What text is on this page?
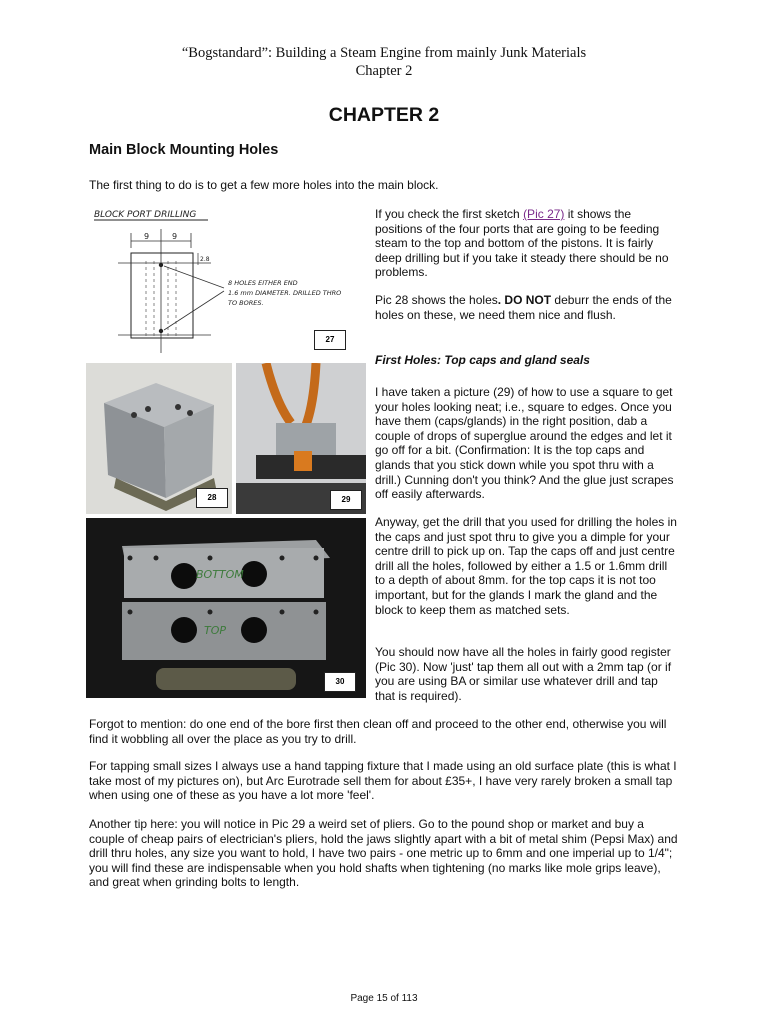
“Bogstandard”: Building a Steam Engine from mainly Junk Materials
Chapter 2
CHAPTER 2
Main Block Mounting Holes

The first thing to do is to get a few more holes into the main block.

BLOCK PORT DRILLING
9	9
2.8
8 HOLES EITHER END
1.6 mm DIAMETER. DRILLED THRO
TO BORES.
27
28	29
BOTTOM
TOP
30

If you check the first sketch (Pic 27) it shows the positions of the four ports that are going to be feeding steam to the top and bottom of the pistons. It is fairly deep drilling but if you take it steady there should be no problems.

Pic 28 shows the holes. DO NOT deburr the ends of the holes on these, we need them nice and flush.

First Holes: Top caps and gland seals

I have taken a picture (29) of how to use a square to get your holes looking neat; i.e., square to edges. Once you have them (caps/glands) in the right position, dab a couple of drops of superglue around the edges and let it go off for a bit. (Confirmation: It is the top caps and glands that you stick down while you spot thru with a drill.) Cunning don't you think? And the glue just scrapes off easily afterwards.

Anyway, get the drill that you used for drilling the holes in the caps and just spot thru to give you a dimple for your centre drill to pick up on. Tap the caps off and just centre drill all the holes, followed by either a 1.5 or 1.6mm drill to a depth of about 8mm. for the top caps it is not too important, but for the glands I mark the gland and the block to keep them as matched sets.

You should now have all the holes in fairly good register (Pic 30). Now 'just' tap them all out with a 2mm tap (or if you are using BA or similar use whatever drill and tap that is required).

Forgot to mention: do one end of the bore first then clean off and proceed to the other end, otherwise you will find it wobbling all over the place as you try to drill.

For tapping small sizes I always use a hand tapping fixture that I made using an old surface plate (this is what I take most of my pictures on), but Arc Eurotrade sell them for about £35+, I have very rarely broken a small tap when using one of these as you have a lot more 'feel'.

Another tip here: you will notice in Pic 29 a weird set of pliers. Go to the pound shop or market and buy a couple of cheap pairs of electrician's pliers, hold the jaws slightly apart with a bit of metal shim (Pepsi Max) and drill thru holes, any size you want to hold, I have two pairs - one metric up to 6mm and one imperial up to 1/4"; you will find these are indispensable when you hold shafts when tightening (no marks like mole grips leave), and great when grinding bolts to length.

Page 15 of 113
